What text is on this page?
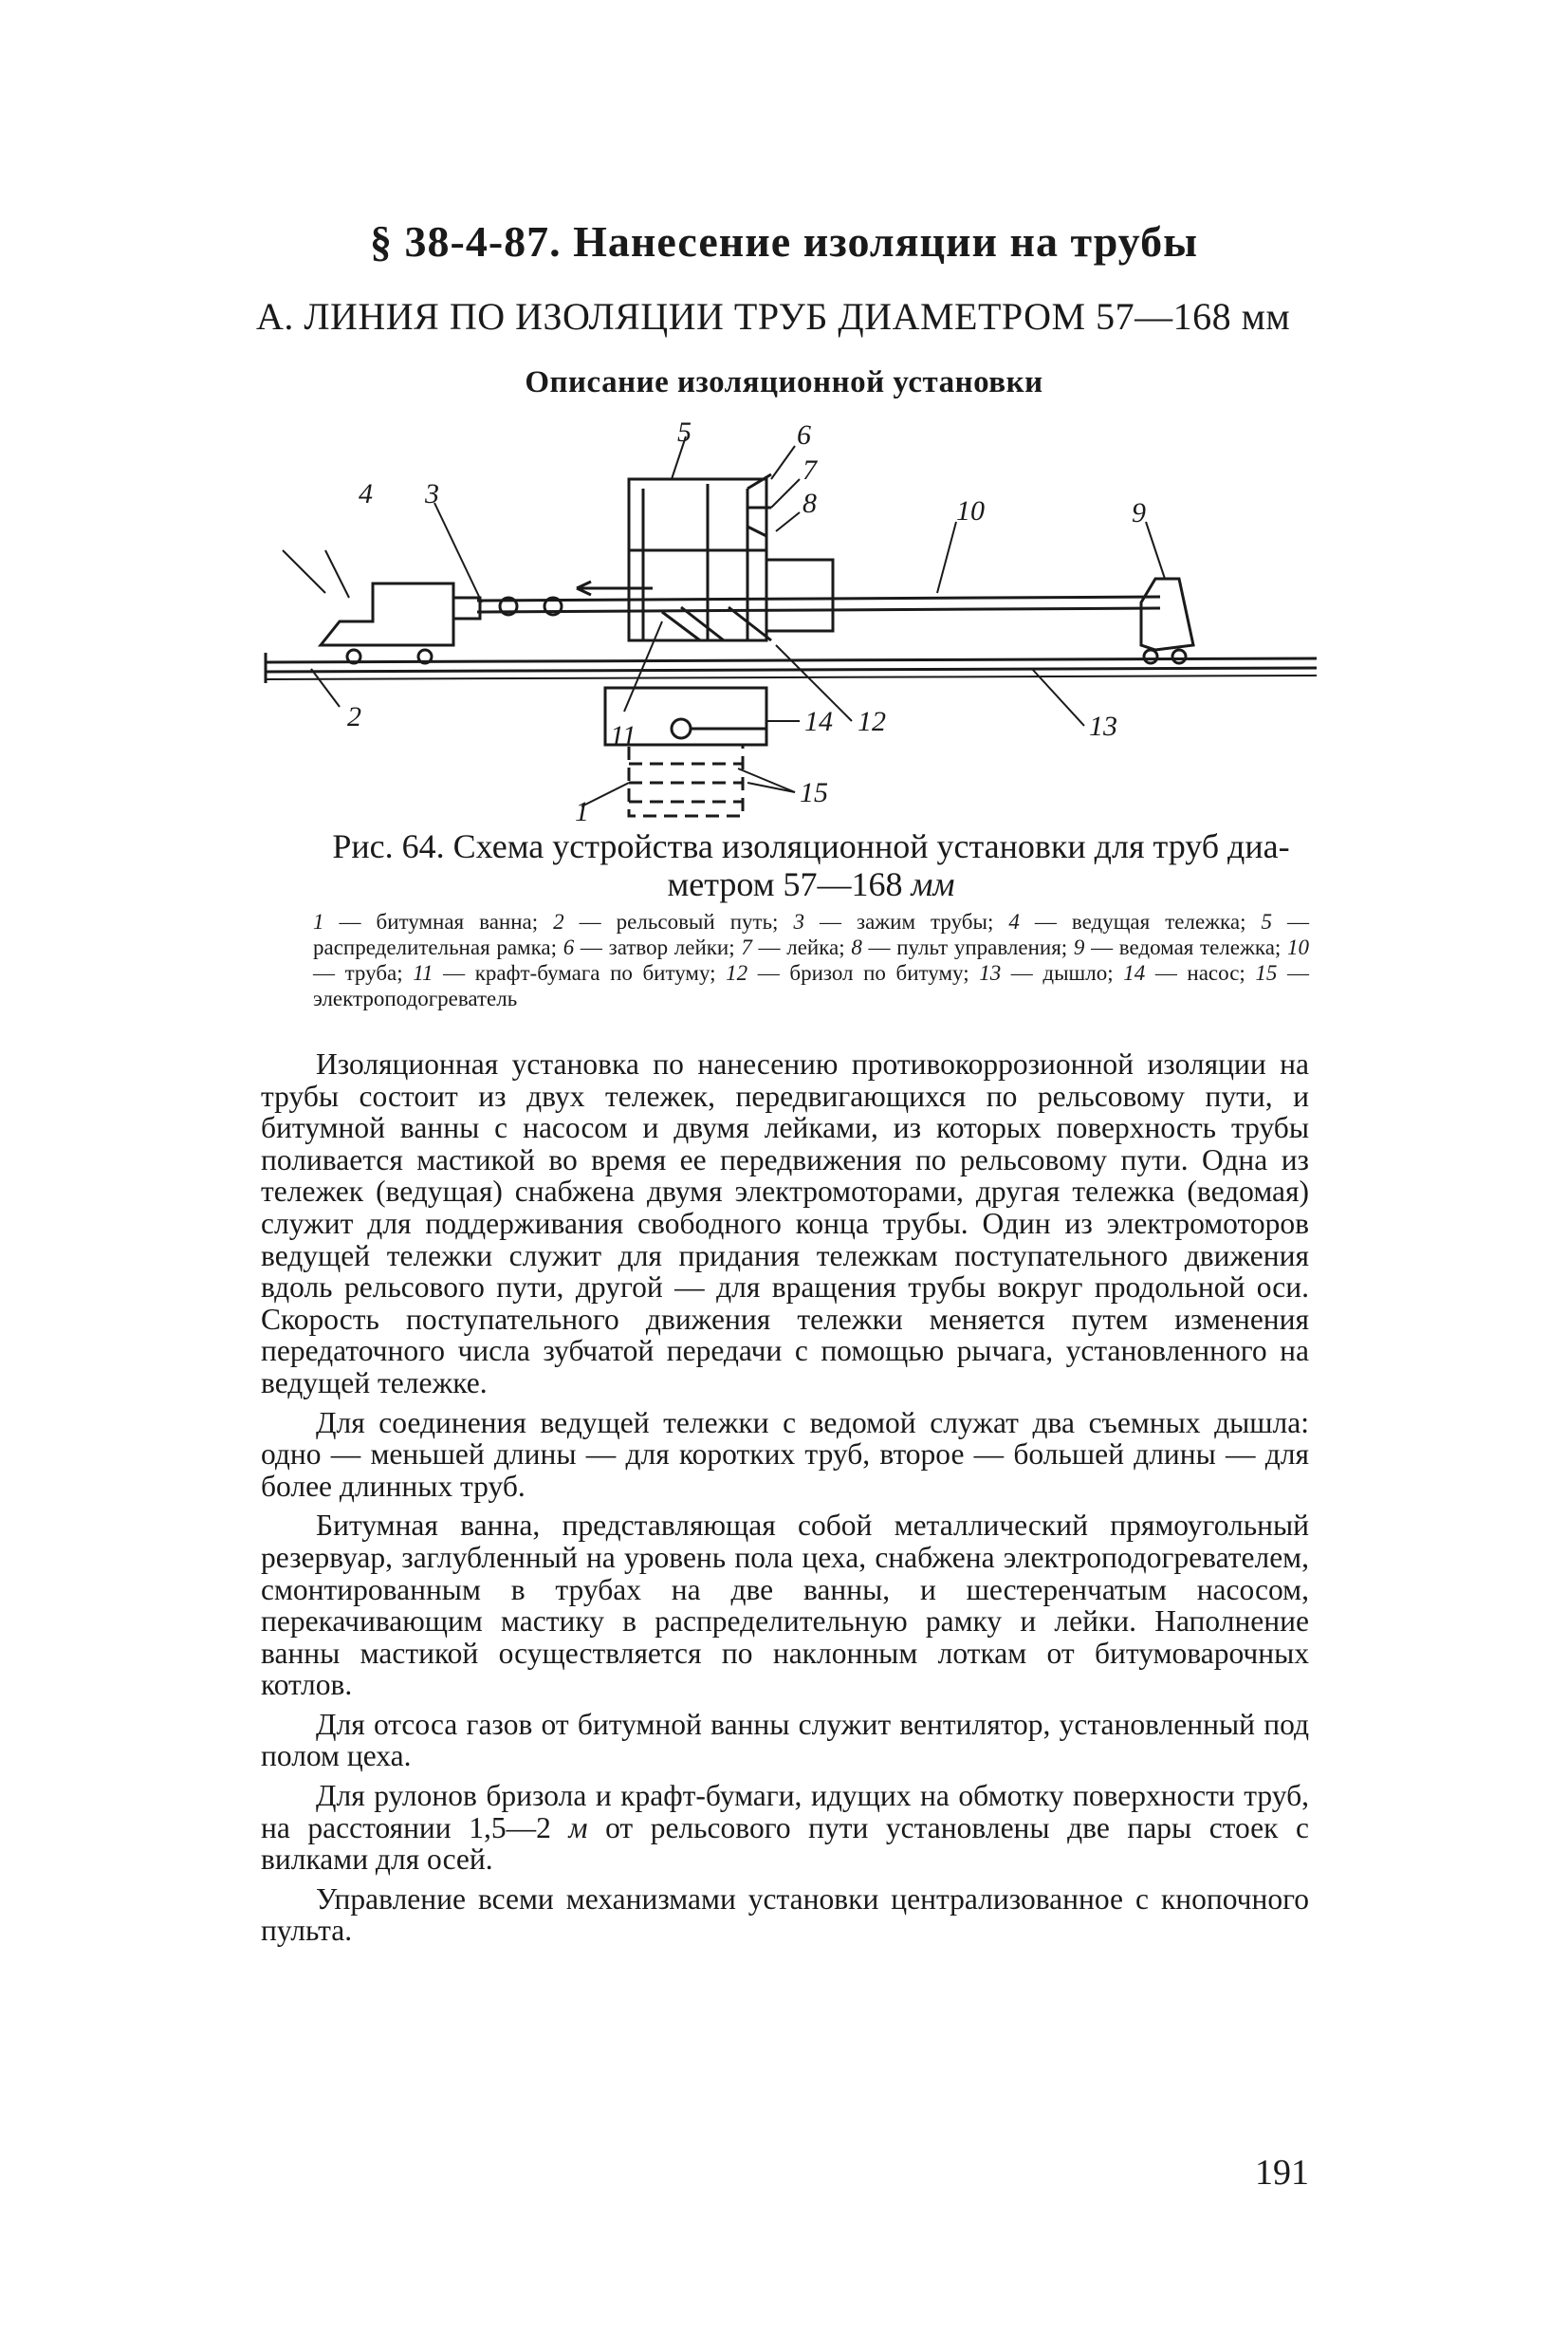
§ 38-4-87. Нанесение изоляции на трубы
А. ЛИНИЯ ПО ИЗОЛЯЦИИ ТРУБ ДИАМЕТРОМ 57—168 мм
Описание изоляционной установки
1
2
3
4
5	6
7
8	9
10
11	12	13
14
15
Рис. 64. Схема устройства изоляционной установки для труб диа-
метром 57—168 мм
1 — битумная ванна; 2 — рельсовый путь; 3 — зажим трубы; 4 — ведущая тележка; 5 — распределительная рамка; 6 — затвор лейки; 7 — лейка; 8 — пульт управления; 9 — ведомая тележка; 10 — труба; 11 — крафт-бумага по битуму; 12 — бризол по битуму; 13 — дышло; 14 — насос; 15 — электроподогреватель

Изоляционная установка по нанесению противокоррозионной изоляции на трубы состоит из двух тележек, передвигающихся по рельсовому пути, и битумной ванны с насосом и двумя лейками, из которых поверхность трубы поливается мастикой во время ее передвижения по рельсовому пути. Одна из тележек (ведущая) снабжена двумя электромоторами, другая тележка (ведомая) служит для поддерживания свободного конца трубы. Один из электромоторов ведущей тележки служит для придания тележкам поступательного движения вдоль рельсового пути, другой — для вращения трубы вокруг продольной оси. Скорость поступательного движения тележки меняется путем изменения передаточного числа зубчатой передачи с помощью рычага, установленного на ведущей тележке.

Для соединения ведущей тележки с ведомой служат два съемных дышла: одно — меньшей длины — для коротких труб, второе — большей длины — для более длинных труб.

Битумная ванна, представляющая собой металлический прямоугольный резервуар, заглубленный на уровень пола цеха, снабжена электроподогревателем, смонтированным в трубах на две ванны, и шестеренчатым насосом, перекачивающим мастику в распределительную рамку и лейки. Наполнение ванны мастикой осуществляется по наклонным лоткам от битумоварочных котлов.

Для отсоса газов от битумной ванны служит вентилятор, установленный под полом цеха.

Для рулонов бризола и крафт-бумаги, идущих на обмотку поверхности труб, на расстоянии 1,5—2 м от рельсового пути установлены две пары стоек с вилками для осей.

Управление всеми механизмами установки централизованное с кнопочного пульта.

191
